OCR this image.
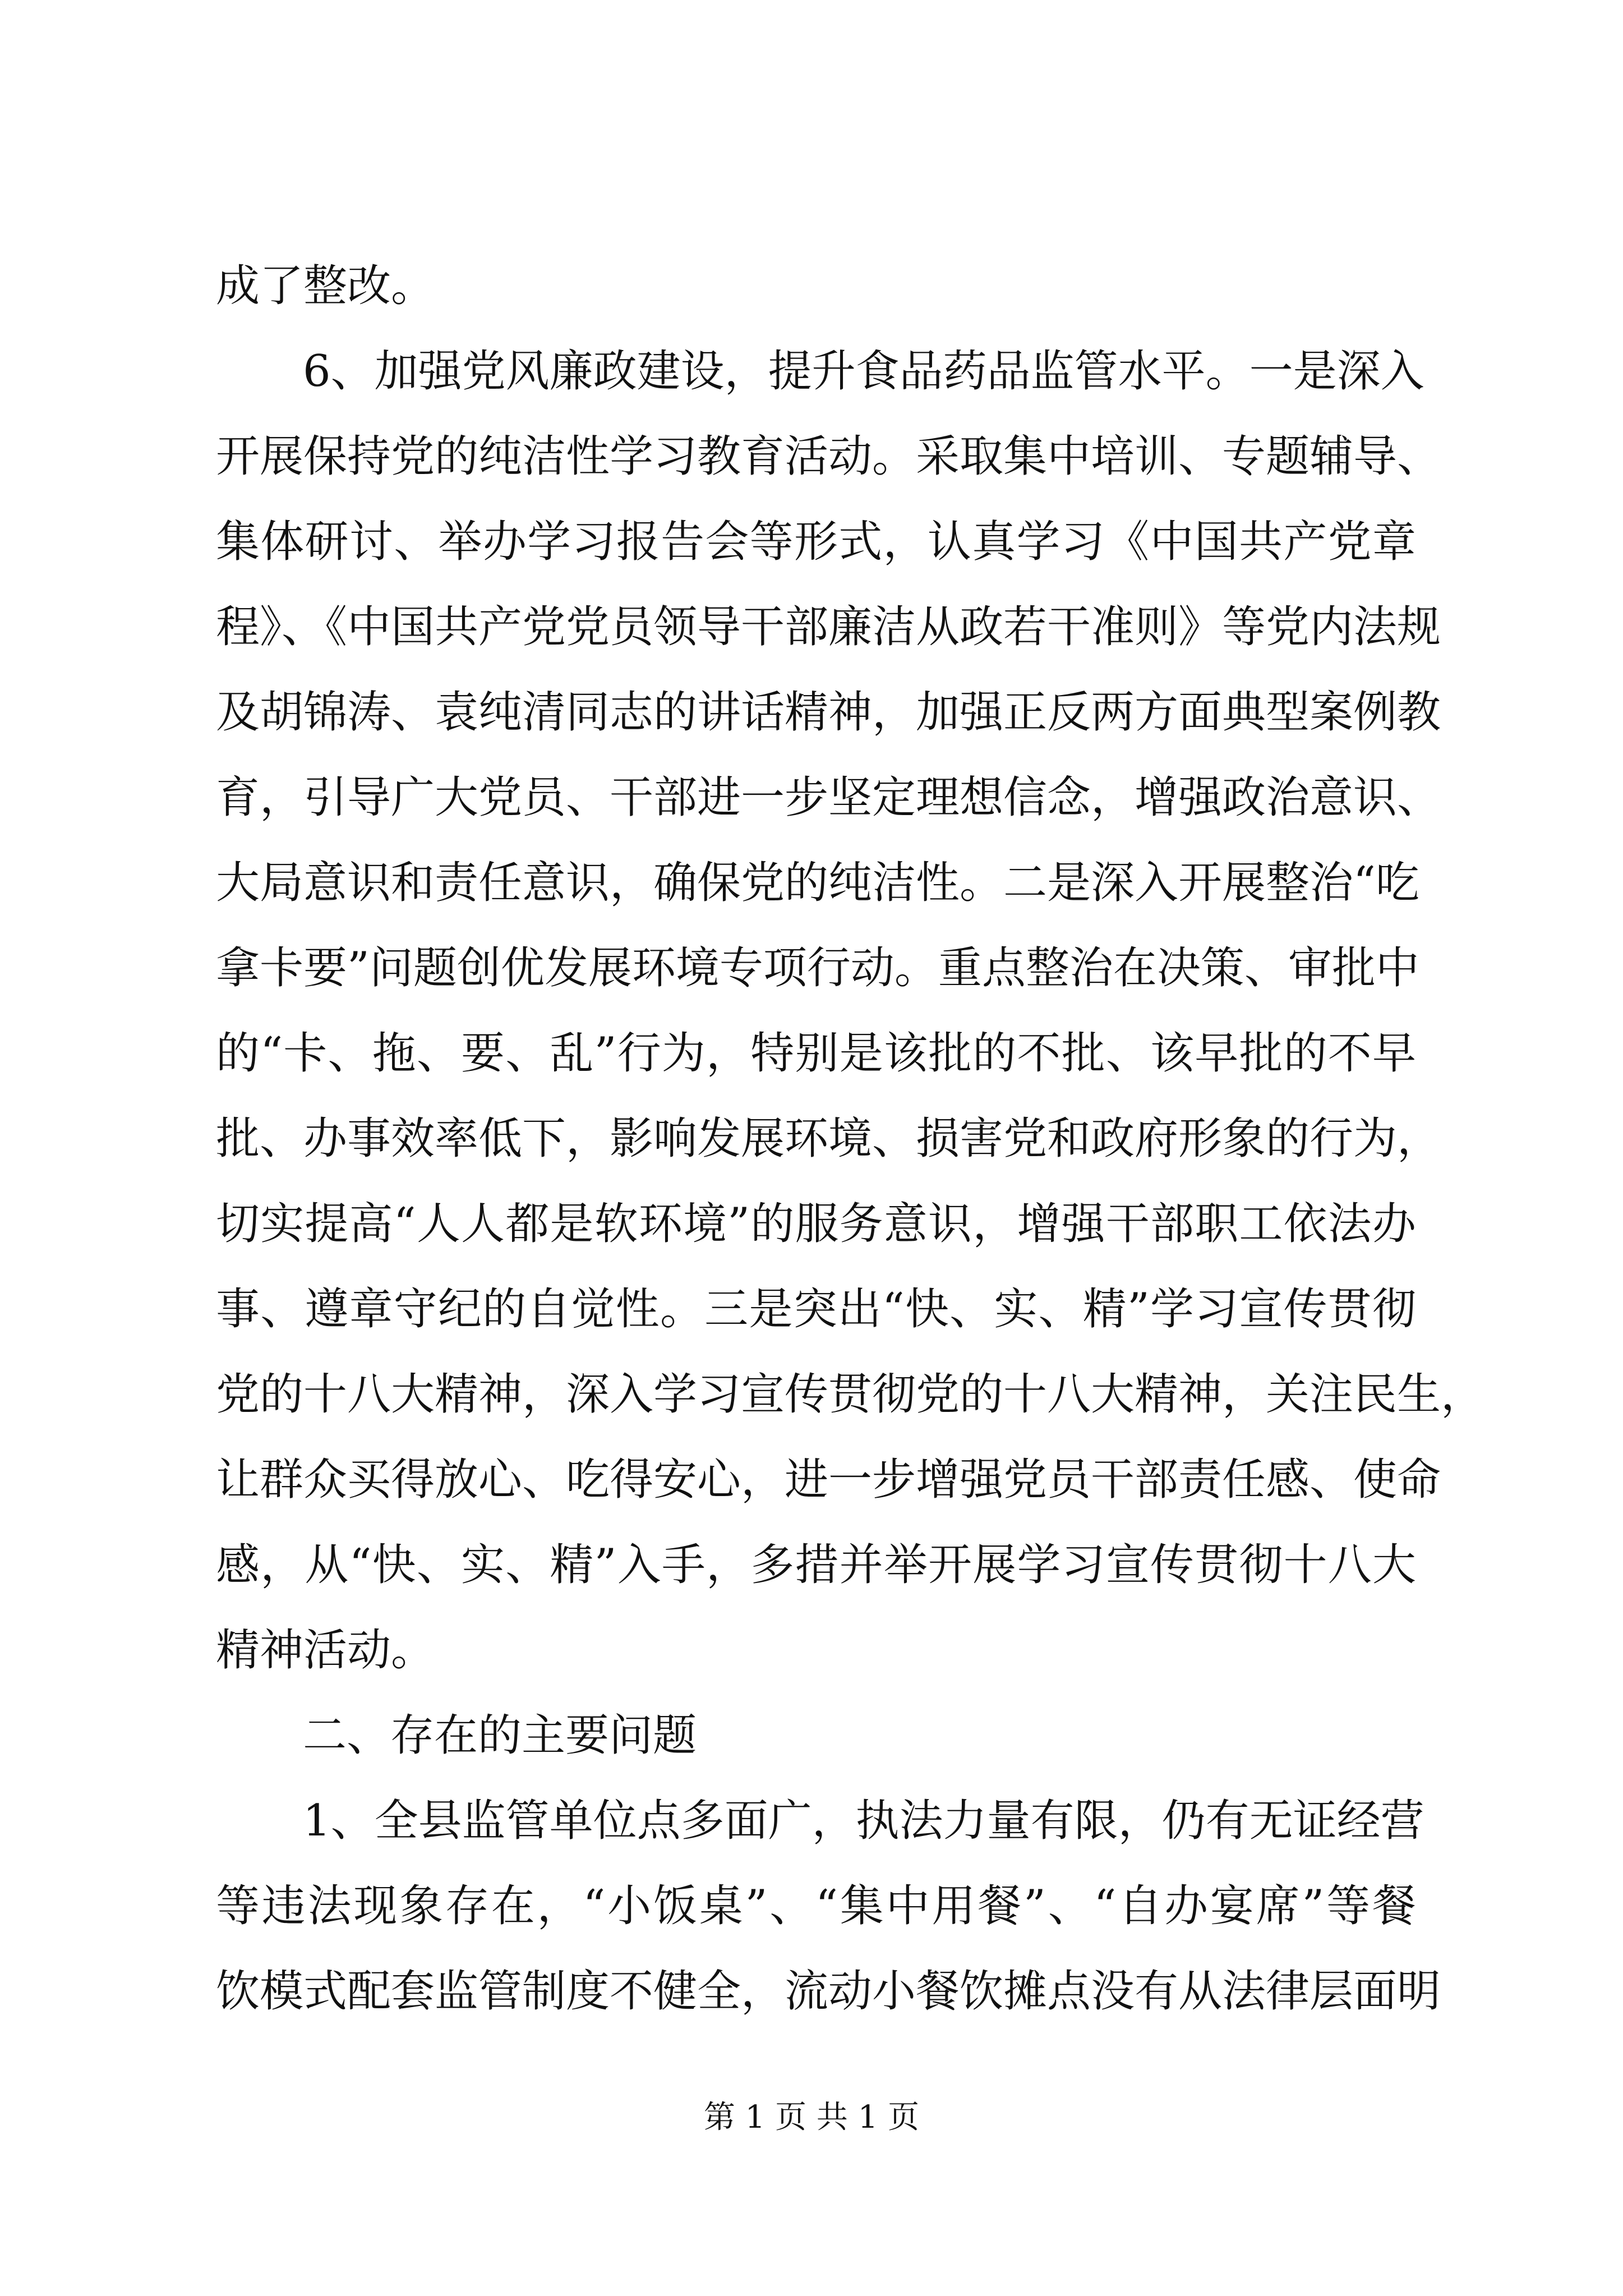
成了整改。
6、加强党风廉政建设，提升食品药品监管水平。一是深入
开展保持党的纯洁性学习教育活动。采取集中培训、专题辅导、
集体研讨、举办学习报告会等形式，认真学习《中国共产党章
程》、《中国共产党党员领导干部廉洁从政若干准则》等党内法规
及胡锦涛、袁纯清同志的讲话精神，加强正反两方面典型案例教
育，引导广大党员、干部进一步坚定理想信念，增强政治意识、
大局意识和责任意识，确保党的纯洁性。二是深入开展整治“吃
拿卡要”问题创优发展环境专项行动。重点整治在决策、审批中
的“卡、拖、要、乱”行为，特别是该批的不批、该早批的不早
批、办事效率低下，影响发展环境、损害党和政府形象的行为，
切实提高“人人都是软环境”的服务意识，增强干部职工依法办
事、遵章守纪的自觉性。三是突出“快、实、精”学习宣传贯彻
党的十八大精神，深入学习宣传贯彻党的十八大精神，关注民生，
让群众买得放心、吃得安心，进一步增强党员干部责任感、使命
感，从“快、实、精”入手，多措并举开展学习宣传贯彻十八大
精神活动。
二、存在的主要问题
1、全县监管单位点多面广，执法力量有限，仍有无证经营
等违法现象存在，“小饭桌”、“集中用餐”、“自办宴席”等餐
饮模式配套监管制度不健全，流动小餐饮摊点没有从法律层面明
第 1 页 共 1 页
